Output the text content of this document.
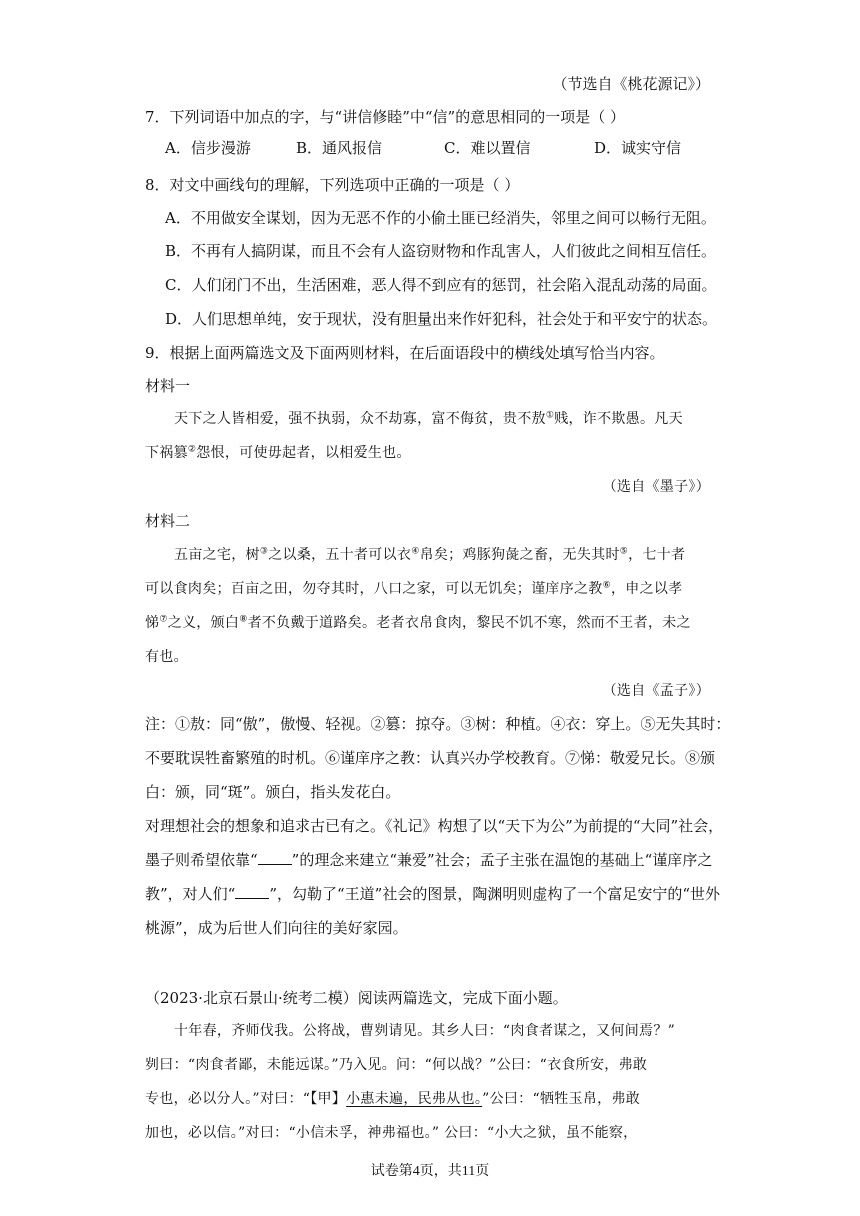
（节选自《桃花源记》）
7．下列词语中加点的字，与“讲信修睦”中“信”的意思相同的一项是（ ）
A．信步漫游	B．通风报信	C．难以置信	D．诚实守信
8．对文中画线句的理解，下列选项中正确的一项是（ ）
A．不用做安全谋划，因为无恶不作的小偷土匪已经消失，邻里之间可以畅行无阻。
B．不再有人搞阴谋，而且不会有人盗窃财物和作乱害人，人们彼此之间相互信任。
C．人们闭门不出，生活困难，恶人得不到应有的惩罚，社会陷入混乱动荡的局面。
D．人们思想单纯，安于现状，没有胆量出来作奸犯科，社会处于和平安宁的状态。
9．根据上面两篇选文及下面两则材料，在后面语段中的横线处填写恰当内容。
材料一
天下之人皆相爱，强不执弱，众不劫寡，富不侮贫，贵不敖①贱，诈不欺愚。凡天
下祸篡②怨恨，可使毋起者，以相爱生也。
（选自《墨子》）
材料二
五亩之宅，树③之以桑，五十者可以衣④帛矣；鸡豚狗彘之畜，无失其时⑤，七十者
可以食肉矣；百亩之田，勿夺其时，八口之家，可以无饥矣；谨庠序之教⑥，申之以孝
悌⑦之义，颁白⑧者不负戴于道路矣。老者衣帛食肉，黎民不饥不寒，然而不王者，未之
有也。
（选自《孟子》）
注：①敖：同“傲”，傲慢、轻视。②篡：掠夺。③树：种植。④衣：穿上。⑤无失其时：
不要耽误牲畜繁殖的时机。⑥谨庠序之教：认真兴办学校教育。⑦悌：敬爱兄长。⑧颁
白：颁，同“斑”。颁白，指头发花白。
对理想社会的想象和追求古已有之。《礼记》构想了以“天下为公”为前提的“大同”社会，
墨子则希望依靠“ ”的理念来建立“兼爱”社会；孟子主张在温饱的基础上“谨庠序之
教”，对人们“ ”，勾勒了“王道”社会的图景，陶渊明则虚构了一个富足安宁的“世外
桃源”，成为后世人们向往的美好家园。
（2023·北京石景山·统考二模）阅读两篇选文，完成下面小题。
十年春，齐师伐我。公将战，曹刿请见。其乡人曰：“肉食者谋之，又何间焉？”
刿曰：“肉食者鄙，未能远谋。”乃入见。问：“何以战？”公曰：“衣食所安，弗敢
专也，必以分人。”对曰：“【甲】小惠未遍，民弗从也。”公曰：“牺牲玉帛，弗敢
加也，必以信。”对曰：“小信未孚，神弗福也。” 公曰：“小大之狱，虽不能察，
试卷第4页，共11页
